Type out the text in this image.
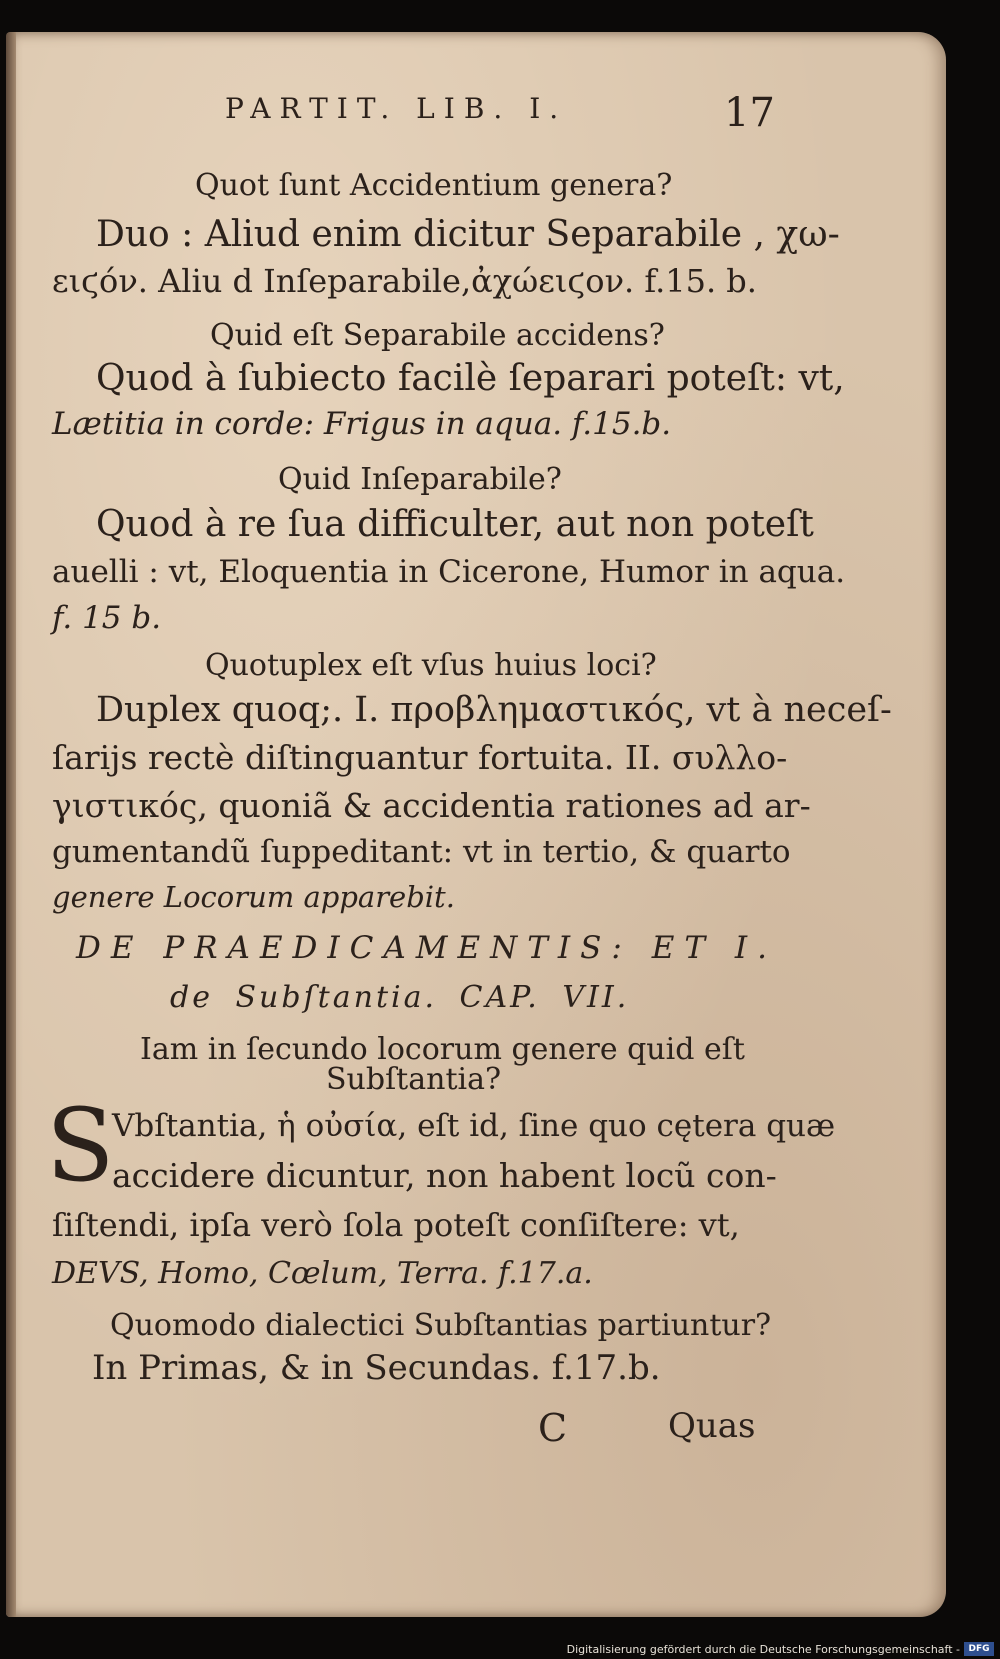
PARTIT. LIB. I.	17
Quot ſunt Accidentium genera?
Duo : Aliud enim dicitur Separabile , χω-
ειϛόν. Aliu d Inſeparabile,ἀχώειϛον. f.15. b.
Quid eſt Separabile accidens?
Quod à ſubiecto facilè ſeparari poteſt: vt,
Lætitia in corde: Frigus in aqua. f.15.b.
Quid Inſeparabile?
Quod à re ſua difficulter, aut non poteſt
auelli : vt, Eloquentia in Cicerone, Humor in aqua.
f. 15 b.
Quotuplex eſt vſus huius loci?
Duplex quoq;. I. προβλημαστικός, vt à neceſ-
ſarijs rectè diſtinguantur fortuita. II. συλλο-
γιστικός, quoniã & accidentia rationes ad ar-
gumentandũ ſuppeditant: vt in tertio, & quarto
genere Locorum apparebit.
DE PRAEDICAMENTIS: ET I.
de Subſtantia. CAP. VII.
Iam in ſecundo locorum genere quid eſt
Subſtantia?
S
Vbſtantia, ἡ οὐσία, eſt id, ſine quo cętera quæ
accidere dicuntur, non habent locũ con-
ſiſtendi, ipſa verò ſola poteſt conſiſtere: vt,
DEVS, Homo, Cœlum, Terra. f.17.a.
Quomodo dialectici Subſtantias partiuntur?
In Primas, & in Secundas. f.17.b.
C	Quas
Digitalisierung gefördert durch die Deutsche Forschungsgemeinschaft - DFG
